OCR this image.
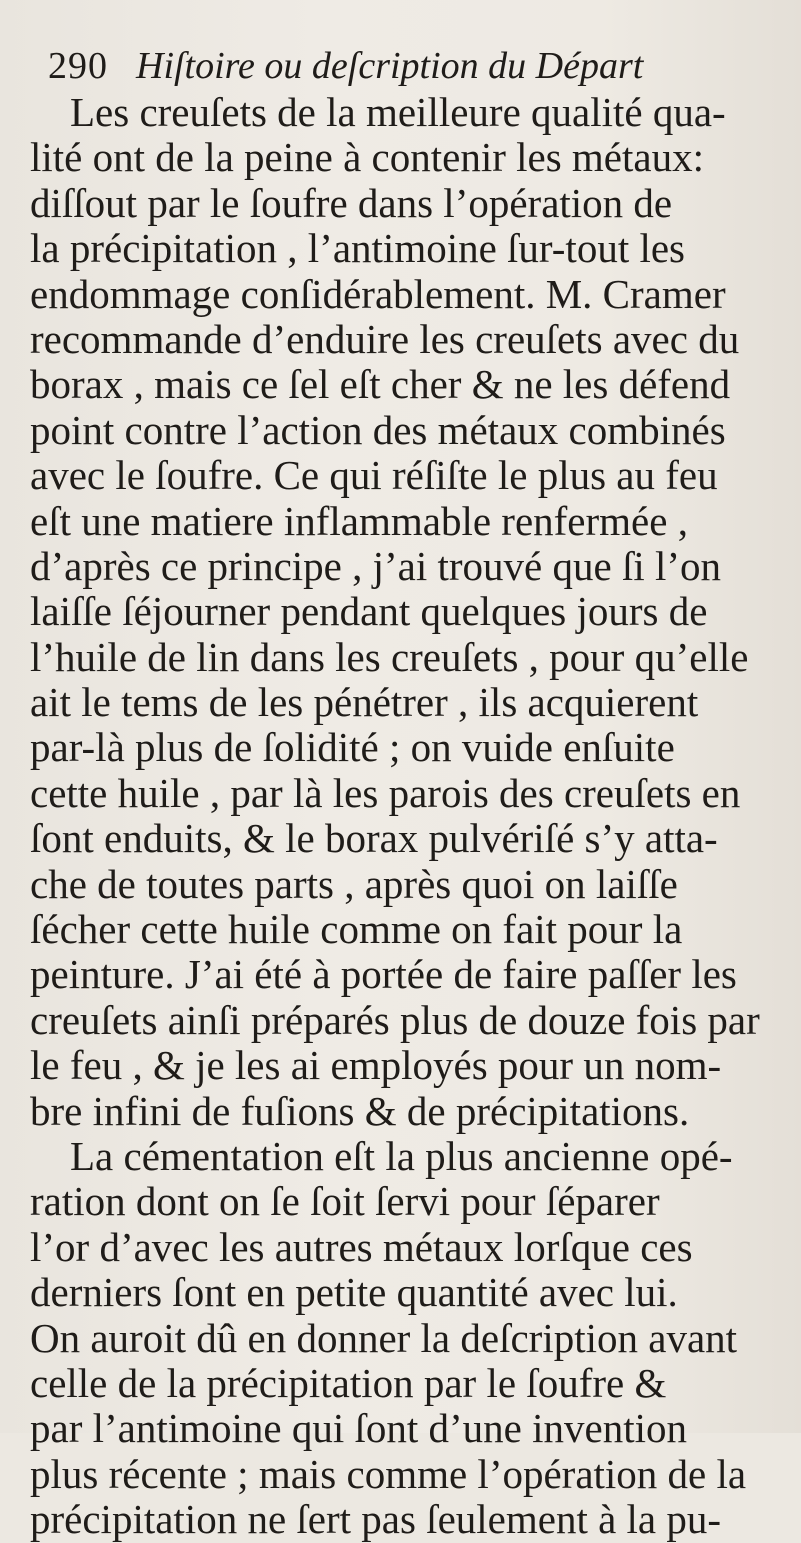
290 Hiſtoire ou deſcription du Départ
Les creuſets de la meilleure qualité qua-
lité ont de la peine à contenir les métaux:
diſſout par le ſoufre dans l’opération de
la précipitation , l’antimoine ſur-tout les
endommage conſidérablement. M. Cramer
recommande d’enduire les creuſets avec du
borax , mais ce ſel eſt cher & ne les défend
point contre l’action des métaux combinés
avec le ſoufre. Ce qui réſiſte le plus au feu
eſt une matiere inflammable renfermée ,
d’après ce principe , j’ai trouvé que ſi l’on
laiſſe ſéjourner pendant quelques jours de
l’huile de lin dans les creuſets , pour qu’elle
ait le tems de les pénétrer , ils acquierent
par-là plus de ſolidité ; on vuide enſuite
cette huile , par là les parois des creuſets en
ſont enduits, & le borax pulvériſé s’y atta-
che de toutes parts , après quoi on laiſſe
ſécher cette huile comme on fait pour la
peinture. J’ai été à portée de faire paſſer les
creuſets ainſi préparés plus de douze fois par
le feu , & je les ai employés pour un nom-
bre infini de fuſions & de précipitations.
La cémentation eſt la plus ancienne opé-
ration dont on ſe ſoit ſervi pour ſéparer
l’or d’avec les autres métaux lorſque ces
derniers ſont en petite quantité avec lui.
On auroit dû en donner la deſcription avant
celle de la précipitation par le ſoufre &
par l’antimoine qui ſont d’une invention
plus récente ; mais comme l’opération de la
précipitation ne ſert pas ſeulement à la pu-
